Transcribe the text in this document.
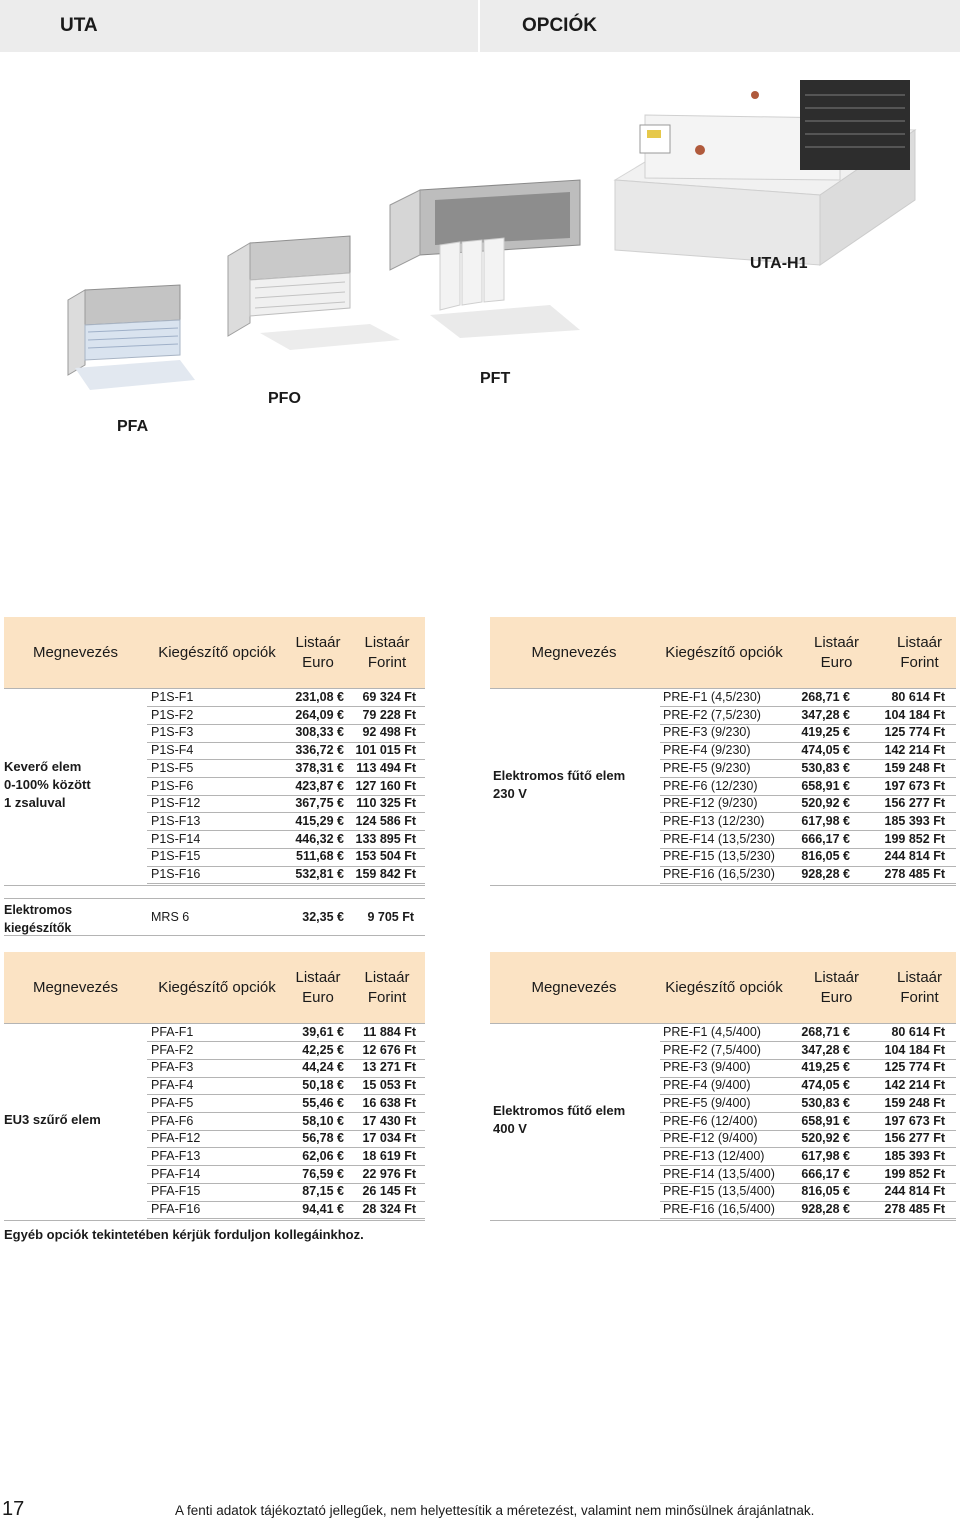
UTA	OPCIÓK
UTA-H1
PFT
PFO
PFA
Megnevezés	Kiegészítő opciók
Listaár
Euro
Listaár
Forint
Keverő elem
0-100% között
1 zsaluval
P1S-F1	231,08 €	69 324 Ft
P1S-F2	264,09 €	79 228 Ft
P1S-F3	308,33 €	92 498 Ft
P1S-F4	336,72 € 101 015 Ft
P1S-F5	378,31 € 113 494 Ft
P1S-F6	423,87 € 127 160 Ft
P1S-F12	367,75 € 110 325 Ft
P1S-F13	415,29 € 124 586 Ft
P1S-F14	446,32 € 133 895 Ft
P1S-F15	511,68 € 153 504 Ft
P1S-F16	532,81 € 159 842 Ft
Elektromos
kiegészítők
MRS 6	32,35 €	9 705 Ft
Megnevezés	Kiegészítő opciók
Listaár
Euro
Listaár
Forint
Elektromos fűtő elem
230 V
PRE-F1 (4,5/230)	268,71 €	80 614 Ft
PRE-F2 (7,5/230)	347,28 €	104 184 Ft
PRE-F3 (9/230)	419,25 €	125 774 Ft
PRE-F4 (9/230)	474,05 €	142 214 Ft
PRE-F5 (9/230)	530,83 €	159 248 Ft
PRE-F6 (12/230)	658,91 €	197 673 Ft
PRE-F12 (9/230)	520,92 €	156 277 Ft
PRE-F13 (12/230)	617,98 €	185 393 Ft
PRE-F14 (13,5/230)	666,17 €	199 852 Ft
PRE-F15 (13,5/230)	816,05 €	244 814 Ft
PRE-F16 (16,5/230)	928,28 €	278 485 Ft
Megnevezés	Kiegészítő opciók
Listaár
Euro
Listaár
Forint
EU3 szűrő elem
PFA-F1	39,61 €	11 884 Ft
PFA-F2	42,25 €	12 676 Ft
PFA-F3	44,24 €	13 271 Ft
PFA-F4	50,18 €	15 053 Ft
PFA-F5	55,46 €	16 638 Ft
PFA-F6	58,10 €	17 430 Ft
PFA-F12	56,78 €	17 034 Ft
PFA-F13	62,06 €	18 619 Ft
PFA-F14	76,59 €	22 976 Ft
PFA-F15	87,15 €	26 145 Ft
PFA-F16	94,41 €	28 324 Ft
Megnevezés	Kiegészítő opciók
Listaár
Euro
Listaár
Forint
Elektromos fűtő elem
400 V
PRE-F1 (4,5/400)	268,71 €	80 614 Ft
PRE-F2 (7,5/400)	347,28 €	104 184 Ft
PRE-F3 (9/400)	419,25 €	125 774 Ft
PRE-F4 (9/400)	474,05 €	142 214 Ft
PRE-F5 (9/400)	530,83 €	159 248 Ft
PRE-F6 (12/400)	658,91 €	197 673 Ft
PRE-F12 (9/400)	520,92 €	156 277 Ft
PRE-F13 (12/400)	617,98 €	185 393 Ft
PRE-F14 (13,5/400)	666,17 €	199 852 Ft
PRE-F15 (13,5/400)	816,05 €	244 814 Ft
PRE-F16 (16,5/400)	928,28 €	278 485 Ft
Egyéb opciók tekintetében kérjük forduljon kollegáinkhoz.
17	A fenti adatok tájékoztató jellegűek, nem helyettesítik a méretezést, valamint nem minősülnek árajánlatnak.
